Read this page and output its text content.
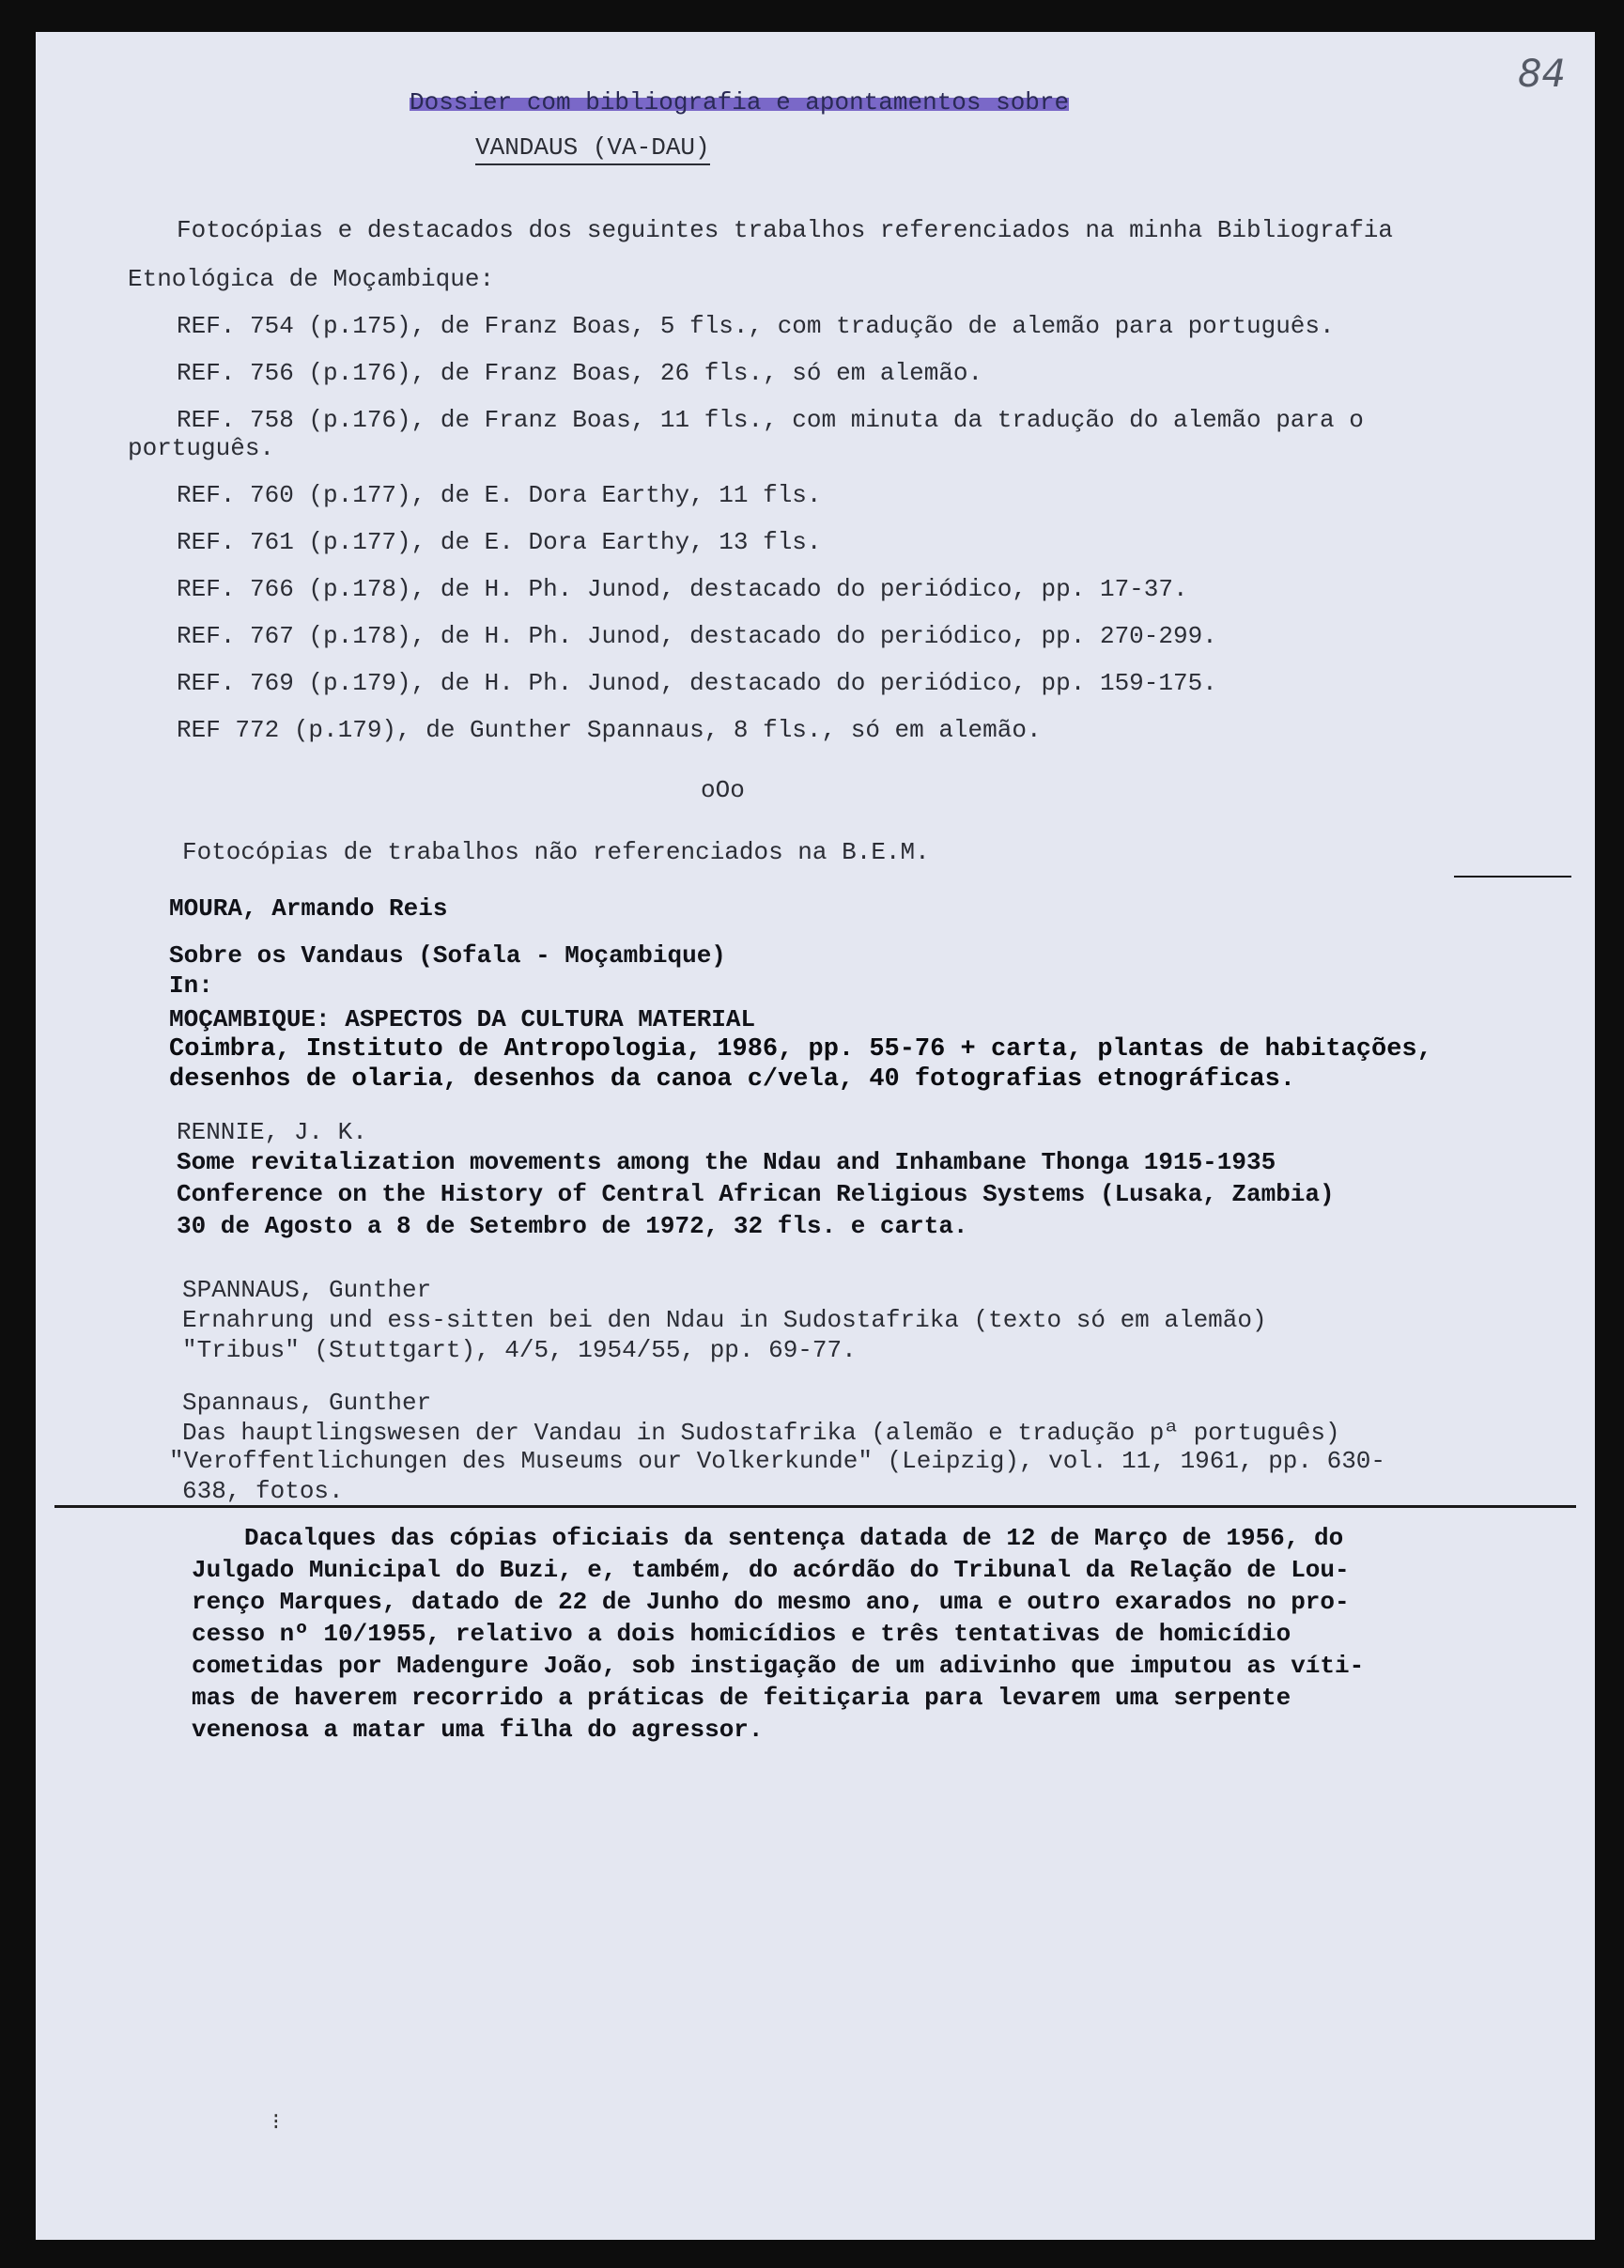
84
Dossier com bibliografia e apontamentos sobre
VANDAUS (VA-DAU)
Fotocópias e destacados dos seguintes trabalhos referenciados na minha Bibliografia
Etnológica de Moçambique:
REF. 754 (p.175), de Franz Boas, 5 fls., com tradução de alemão para português.
REF. 756 (p.176), de Franz Boas, 26 fls., só em alemão.
REF. 758 (p.176), de Franz Boas, 11 fls., com minuta da tradução do alemão para o
português.
REF. 760 (p.177), de E. Dora Earthy, 11 fls.
REF. 761 (p.177), de E. Dora Earthy, 13 fls.
REF. 766 (p.178), de H. Ph. Junod, destacado do periódico, pp. 17-37.
REF. 767 (p.178), de H. Ph. Junod, destacado do periódico, pp. 270-299.
REF. 769 (p.179), de H. Ph. Junod, destacado do periódico, pp. 159-175.
REF 772 (p.179), de Gunther Spannaus, 8 fls., só em alemão.
oOo
Fotocópias de trabalhos não referenciados na B.E.M.
MOURA, Armando Reis
Sobre os Vandaus (Sofala - Moçambique)
In:
MOÇAMBIQUE: ASPECTOS DA CULTURA MATERIAL
Coimbra, Instituto de Antropologia, 1986, pp. 55-76 + carta, plantas de habitações,
desenhos de olaria, desenhos da canoa c/vela, 40 fotografias etnográficas.
RENNIE, J. K.
Some revitalization movements among the Ndau and Inhambane Thonga 1915-1935
Conference on the History of Central African Religious Systems (Lusaka, Zambia)
30 de Agosto a 8 de Setembro de 1972, 32 fls. e carta.
SPANNAUS, Gunther
Ernahrung und ess-sitten bei den Ndau in Sudostafrika (texto só em alemão)
"Tribus" (Stuttgart), 4/5, 1954/55, pp. 69-77.
Spannaus, Gunther
Das hauptlingswesen der Vandau in Sudostafrika (alemão e tradução pª português)
"Veroffentlichungen des Museums our Volkerkunde" (Leipzig), vol. 11, 1961, pp. 630-
638, fotos.
Dacalques das cópias oficiais da sentença datada de 12 de Março de 1956, do
Julgado Municipal do Buzi, e, também, do acórdão do Tribunal da Relação de Lou-
renço Marques, datado de 22 de Junho do mesmo ano, uma e outro exarados no pro-
cesso nº 10/1955, relativo a dois homicídios e três tentativas de homicídio
cometidas por Madengure João, sob instigação de um adivinho que imputou as víti-
mas de haverem recorrido a práticas de feitiçaria para levarem uma serpente
venenosa a matar uma filha do agressor.
⁝
